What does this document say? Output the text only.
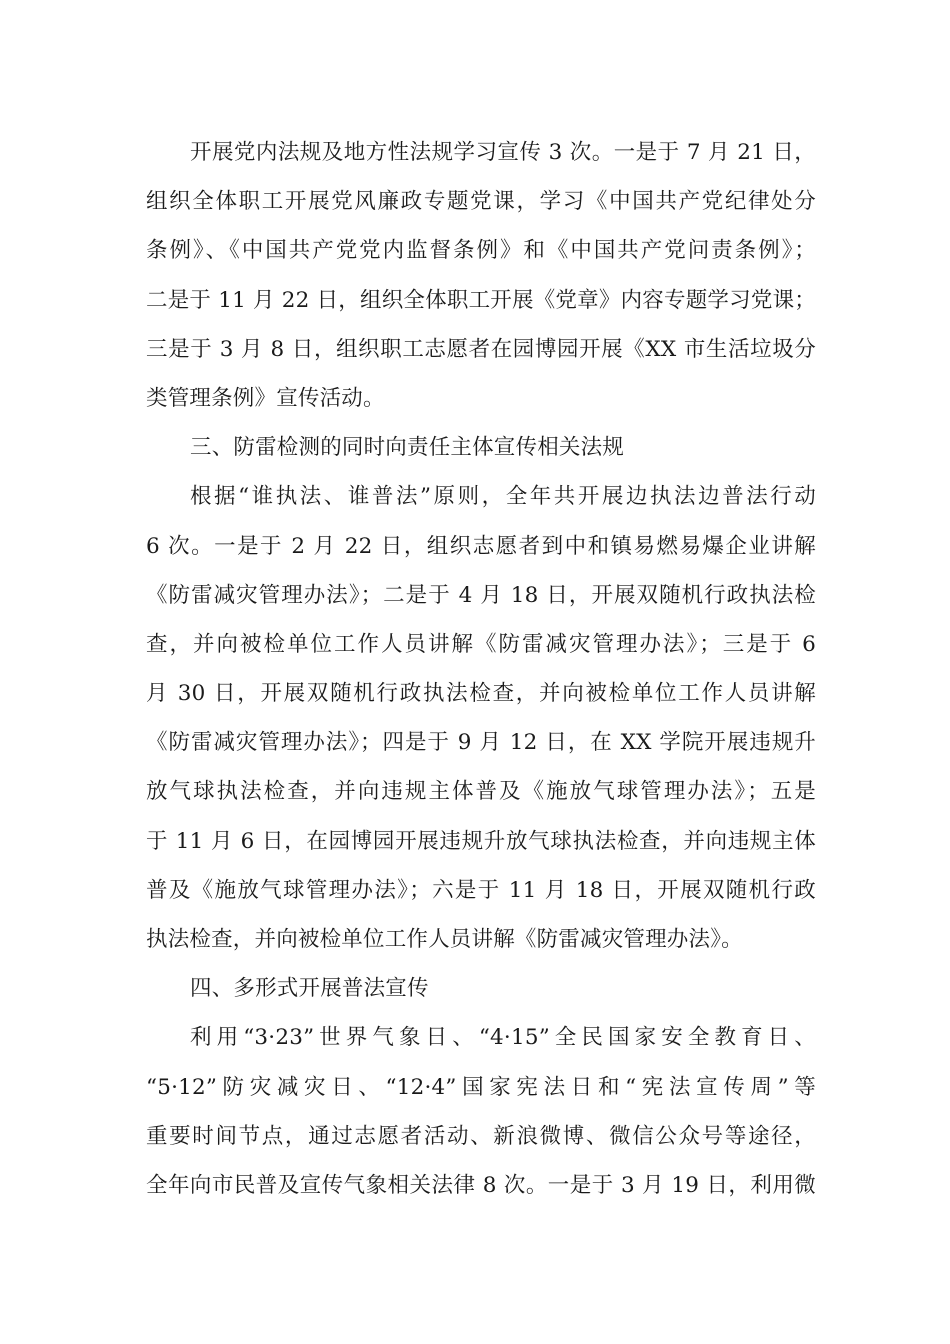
开展党内法规及地方性法规学习宣传 3 次。一是于 7 月 21 日，
组织全体职工开展党风廉政专题党课，学习《中国共产党纪律处分
条例》、《中国共产党党内监督条例》和《中国共产党问责条例》；
二是于 11 月 22 日，组织全体职工开展《党章》内容专题学习党课；
三是于 3 月 8 日，组织职工志愿者在园博园开展《XX 市生活垃圾分
类管理条例》宣传活动。
三、防雷检测的同时向责任主体宣传相关法规
根据“谁执法、谁普法”原则，全年共开展边执法边普法行动
6 次。一是于 2 月 22 日，组织志愿者到中和镇易燃易爆企业讲解
《防雷减灾管理办法》；二是于 4 月 18 日，开展双随机行政执法检
查，并向被检单位工作人员讲解《防雷减灾管理办法》；三是于 6
月 30 日，开展双随机行政执法检查，并向被检单位工作人员讲解
《防雷减灾管理办法》；四是于 9 月 12 日，在 XX 学院开展违规升
放气球执法检查，并向违规主体普及《施放气球管理办法》；五是
于 11 月 6 日，在园博园开展违规升放气球执法检查，并向违规主体
普及《施放气球管理办法》；六是于 11 月 18 日，开展双随机行政
执法检查，并向被检单位工作人员讲解《防雷减灾管理办法》。
四、多形式开展普法宣传
利用“3·23”世界气象日、“4·15”全民国家安全教育日、
“5·12”防灾减灾日、“12·4”国家宪法日和“宪法宣传周”等
重要时间节点，通过志愿者活动、新浪微博、微信公众号等途径，
全年向市民普及宣传气象相关法律 8 次。一是于 3 月 19 日，利用微
